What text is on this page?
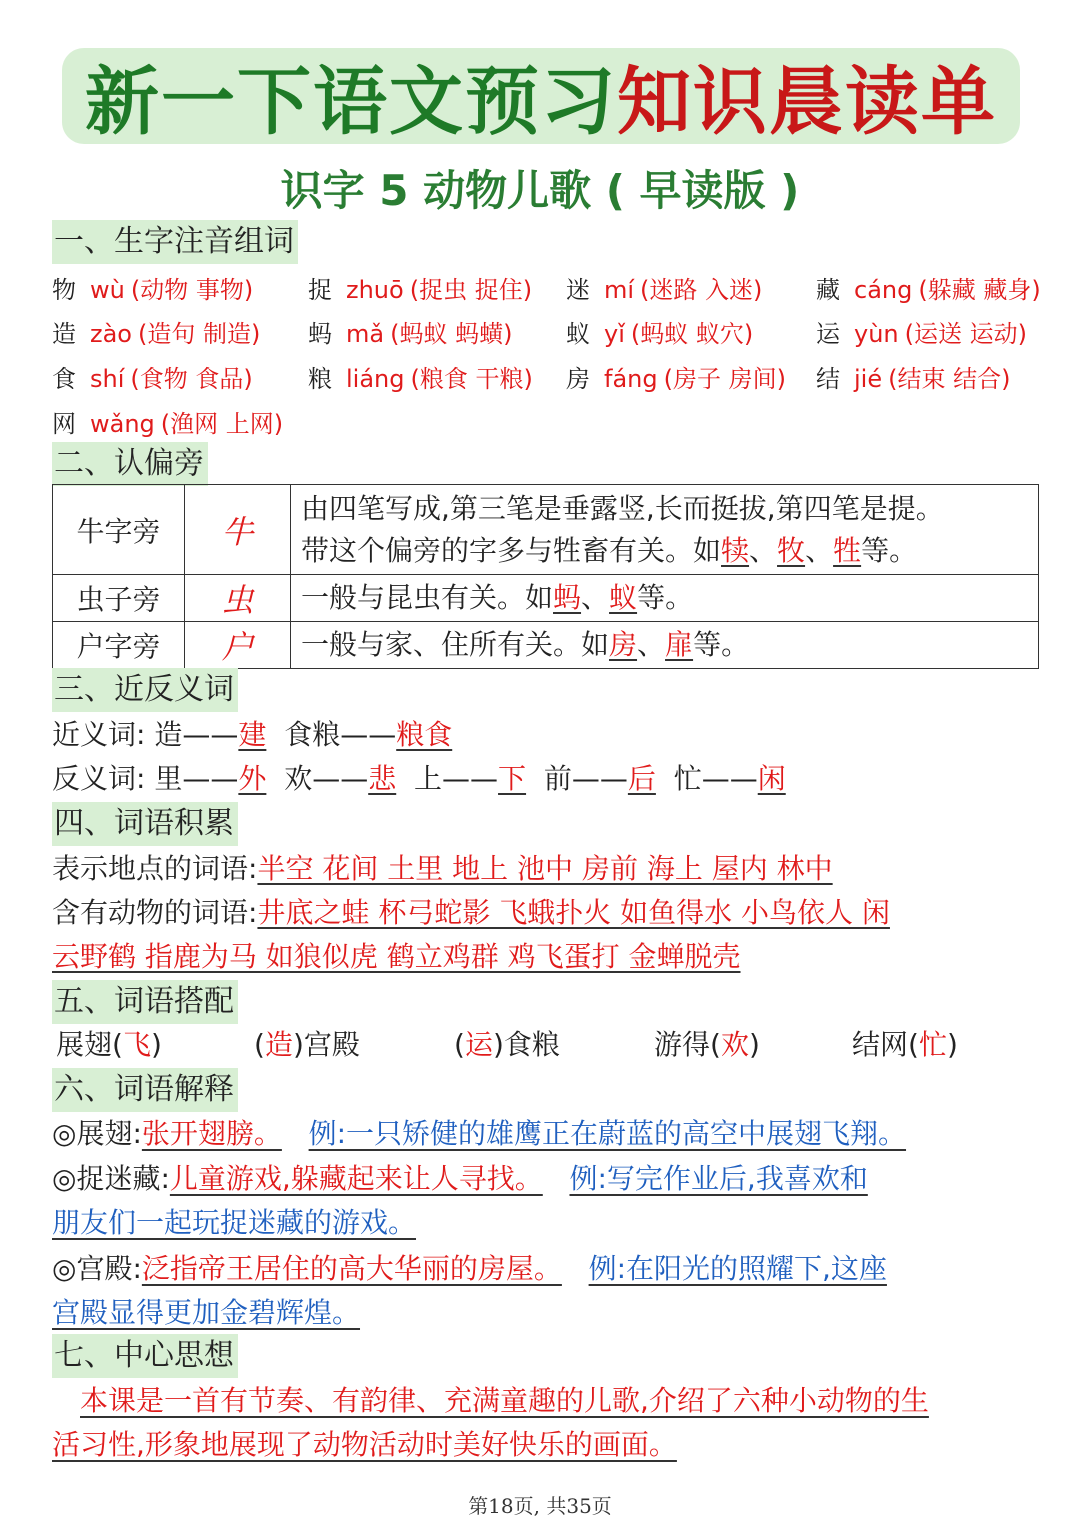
新一下语文预习 知识晨读单
识字 5 动物儿歌 ( 早读版 )
一、生字注音组词
物 wù (动物 事物) 捉 zhuō (捉虫 捉住) 迷 mí (迷路 入迷) 藏 cáng (躲藏 藏身)
造 zào (造句 制造) 蚂 mǎ (蚂蚁 蚂蟥) 蚁 yǐ (蚂蚁 蚁穴)	运 yùn (运送 运动)
食 shí (食物 食品) 粮 liáng (粮食 干粮) 房 fáng (房子 房间) 结 jié (结束 结合)
网 wǎng (渔网 上网)
二、认偏旁
牛字旁	牛	由四笔写成,第三笔是垂露竖,长而挺拔,第四笔是提。
带这个偏旁的字多与牲畜有关。如犊、牧、牲等。

虫子旁	虫	一般与昆虫有关。如蚂、蚁等。
户字旁	户	一般与家、住所有关。如房、扉等。
三、近反义词
近义词: 造——建 食粮——粮食
反义词: 里——外 欢——悲 上——下 前——后 忙——闲
四、词语积累
表示地点的词语:半空 花间 土里 地上 池中 房前 海上 屋内 林中
含有动物的词语:井底之蛙 杯弓蛇影 飞蛾扑火 如鱼得水 小鸟依人 闲
云野鹤 指鹿为马 如狼似虎 鹤立鸡群 鸡飞蛋打 金蝉脱壳
五、词语搭配
展翅(飞)	(造)宫殿	(运)食粮	游得(欢)	结网(忙)
六、词语解释
◎展翅:张开翅膀。 例:一只矫健的雄鹰正在蔚蓝的高空中展翅飞翔。
◎捉迷藏:儿童游戏,躲藏起来让人寻找。 例:写完作业后,我喜欢和
朋友们一起玩捉迷藏的游戏。
◎宫殿:泛指帝王居住的高大华丽的房屋。 例:在阳光的照耀下,这座
宫殿显得更加金碧辉煌。
七、中心思想
本课是一首有节奏、有韵律、充满童趣的儿歌,介绍了六种小动物的生
活习性,形象地展现了动物活动时美好快乐的画面。
第18页, 共35页
